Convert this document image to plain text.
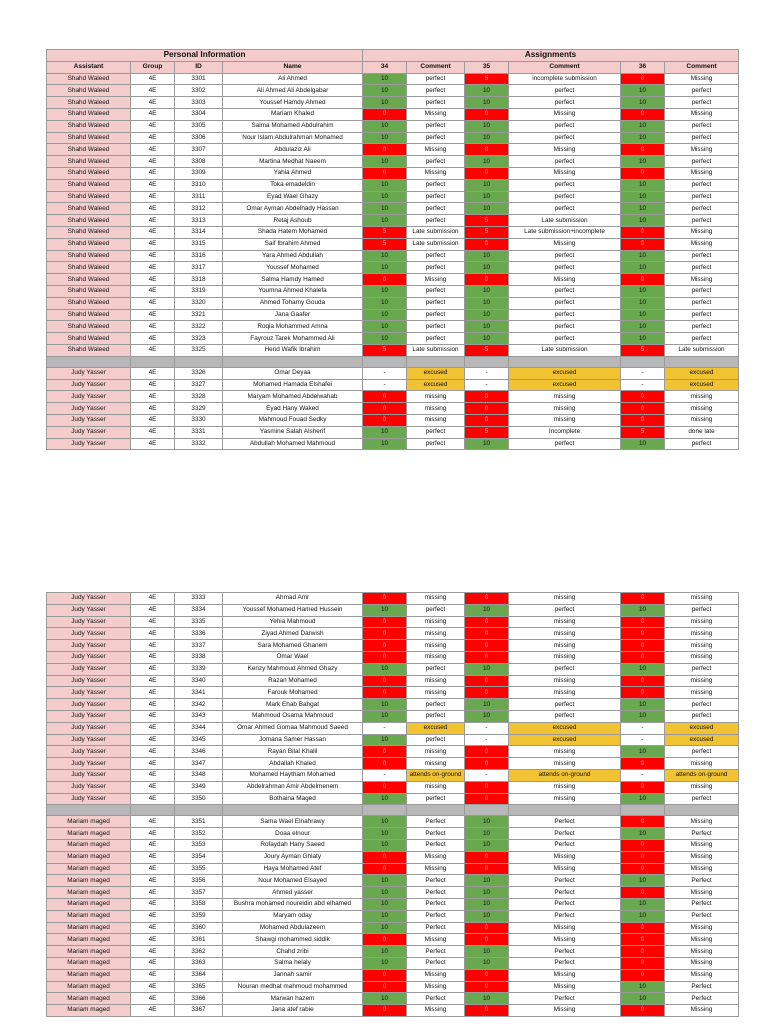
Personal Information				Assignments					
Assistant	Group	ID	Name	34	Comment	35	Comment	36	Comment
Shahd Waleed	4E	3301	Ali Ahmed	10	perfect	5	incomplete submission	0	Missing
Shahd Waleed	4E	3302	Ali Ahmed Ali Abdelgabar	10	perfect	10	perfect	10	perfect
Shahd Waleed	4E	3303	Youssef Hamdy Ahmed	10	perfect	10	perfect	10	perfect
Shahd Waleed	4E	3304	Mariam Khaled	0	Missing	0	Missing	0	Missing
Shahd Waleed	4E	3305	Salma Mohamed Abdulrahim	10	perfect	10	perfect	10	perfect
Shahd Waleed	4E	3306	Nour Islam Abdulrahman Mohamed	10	perfect	10	perfect	10	perfect
Shahd Waleed	4E	3307	Abdulaziz Ali	0	Missing	0	Missing	0	Missing
Shahd Waleed	4E	3308	Martina Medhat Naeem	10	perfect	10	perfect	10	perfect
Shahd Waleed	4E	3309	Yahia Ahmed	0	Missing	0	Missing	0	Missing
Shahd Waleed	4E	3310	Toka emadeldin	10	perfect	10	perfect	10	perfect
Shahd Waleed	4E	3311	Eyad Wael Ghazy	10	perfect	10	perfect	10	perfect
Shahd Waleed	4E	3312	Omar Ayman Abdelhady Hassan	10	perfect	10	perfect	10	perfect
Shahd Waleed	4E	3313	Retaj Ashoub	10	perfect	5	Late submission	10	perfect
Shahd Waleed	4E	3314	Shada Hatem Mohamed	5	Late submission	5	Late submission+incomplete	0	Missing
Shahd Waleed	4E	3315	Saif Ibrahim Ahmed	5	Late submission	0	Missing	0	Missing
Shahd Waleed	4E	3316	Yara Ahmed Abdullah	10	perfect	10	perfect	10	perfect
Shahd Waleed	4E	3317	Youssef Mohamed	10	perfect	10	perfect	10	perfect
Shahd Waleed	4E	3318	Salma Hamdy Hamed	0	Missing	0	Missing	0	Missing
Shahd Waleed	4E	3319	Youmna Ahmed Khalefa	10	perfect	10	perfect	10	perfect
Shahd Waleed	4E	3320	Ahmed Tohamy Gouda	10	perfect	10	perfect	10	perfect
Shahd Waleed	4E	3321	Jana Gaafer	10	perfect	10	perfect	10	perfect
Shahd Waleed	4E	3322	Roqia Mohammed Amna	10	perfect	10	perfect	10	perfect
Shahd Waleed	4E	3323	Fayrouz Tarek Mohammed Ali	10	perfect	10	perfect	10	perfect
Shahd Waleed	4E	3325	Hend Wafik Ibrahim	5	Late submission	5	Late submission	5	Late submission

Judy Yasser	4E	3326	Omar Deyaa	-	excused	-	excused	-	excused
Judy Yasser	4E	3327	Mohamed Hamada Elshafei	-	excused	-	excused	-	excused
Judy Yasser	4E	3328	Maryam Mohamed Abdelwahab	0	missing	0	missing	0	missing
Judy Yasser	4E	3329	Eyad Hany Waked	0	missing	0	missing	0	missing
Judy Yasser	4E	3330	Mahmoud Fouad Sedky	0	missing	0	missing	0	missing
Judy Yasser	4E	3331	Yasmine Salah Alsherif	10	perfect	5	Incomplete	5	done late
Judy Yasser	4E	3332	Abdullah Mohamed Mahmoud	10	perfect	10	perfect	10	perfect
Judy Yasser	4E	3333	Ahmad Amr	0	missing	0	missing	0	missing
Judy Yasser	4E	3334	Youssef Mohamed Hamed Hussein	10	perfect	10	perfect	10	perfect
Judy Yasser	4E	3335	Yehia Mahmoud	0	missing	0	missing	0	missing
Judy Yasser	4E	3336	Ziyad Ahmed Darwish	0	missing	0	missing	0	missing
Judy Yasser	4E	3337	Sara Mohamed Ghanem	0	missing	0	missing	0	missing
Judy Yasser	4E	3338	Omar Wael	0	missing	0	missing	0	missing
Judy Yasser	4E	3339	Kenzy Mahmoud Ahmed Ghazy	10	perfect	10	perfect	10	perfect
Judy Yasser	4E	3340	Razan Mohamed	0	missing	0	missing	0	missing
Judy Yasser	4E	3341	Farouk Mohamed	0	missing	0	missing	0	missing
Judy Yasser	4E	3342	Mark Ehab Bahgat	10	perfect	10	perfect	10	perfect
Judy Yasser	4E	3343	Mahmoud Osama Mahmoud	10	perfect	10	perfect	10	perfect
Judy Yasser	4E	3344	Omar Ahmed Gomaa Mahmoud Saeed	-	excused	-	excused	-	excused
Judy Yasser	4E	3345	Jomana Samer Hassan	10	perfect	-	excused	-	excused
Judy Yasser	4E	3346	Rayan Bilal Khalil	0	missing	0	missing	10	perfect
Judy Yasser	4E	3347	Abdallah Khaled	0	missing	0	missing	0	missing
Judy Yasser	4E	3348	Mohamed Haytham Mohamed	-	attends on-ground	-	attends on-ground	-	attends on-ground
Judy Yasser	4E	3349	Abdelrahman Amir Abdelmenem	0	missing	0	missing	0	missing
Judy Yasser	4E	3350	Bothaina Maged	10	perfect	0	missing	10	perfect

Mariam maged	4E	3351	Sama Wael Elnahrawy	10	Perfect	10	Perfect	0	Missing
Mariam maged	4E	3352	Doaa elnour	10	Perfect	10	Perfect	10	Perfect
Mariam maged	4E	3353	Rofaydah Hany Saeed	10	Perfect	10	Perfect	0	Missing
Mariam maged	4E	3354	Joury Ayman Ghlaty	0	Missing	0	Missing	0	Missing
Mariam maged	4E	3355	Haya Mohamed Atef	0	Missing	0	Missing	0	Missing
Mariam maged	4E	3356	Nour Mohamed Elsayed	10	Perfect	10	Perfect	10	Perfect
Mariam maged	4E	3357	Ahmed yasser	10	Perfect	10	Perfect	0	Missing
Mariam maged	4E	3358	Bushra mohamed noureldin abd elhamed	10	Perfect	10	Perfect	10	Perfect
Mariam maged	4E	3359	Maryam oday	10	Perfect	10	Perfect	10	Perfect
Mariam maged	4E	3360	Mohamed Abdulazeem	10	Perfect	0	Missing	0	Missing
Mariam maged	4E	3361	Shawgi mohammed siddik	0	Missing	0	Missing	0	Missing
Mariam maged	4E	3362	Chahd zribi	10	Perfect	10	Perfect	0	Missing
Mariam maged	4E	3363	Salma helaly	10	Perfect	10	Perfect	0	Missing
Mariam maged	4E	3364	Jannah samir	0	Missing	0	Missing	0	Missing
Mariam maged	4E	3365	Nouran medhat mahmoud mohammed	0	Missing	0	Missing	10	Perfect
Mariam maged	4E	3366	Marwan hazem	10	Perfect	10	Perfect	10	Perfect
Mariam maged	4E	3367	Jana atef rabie	0	Missing	0	Missing	0	Missing
